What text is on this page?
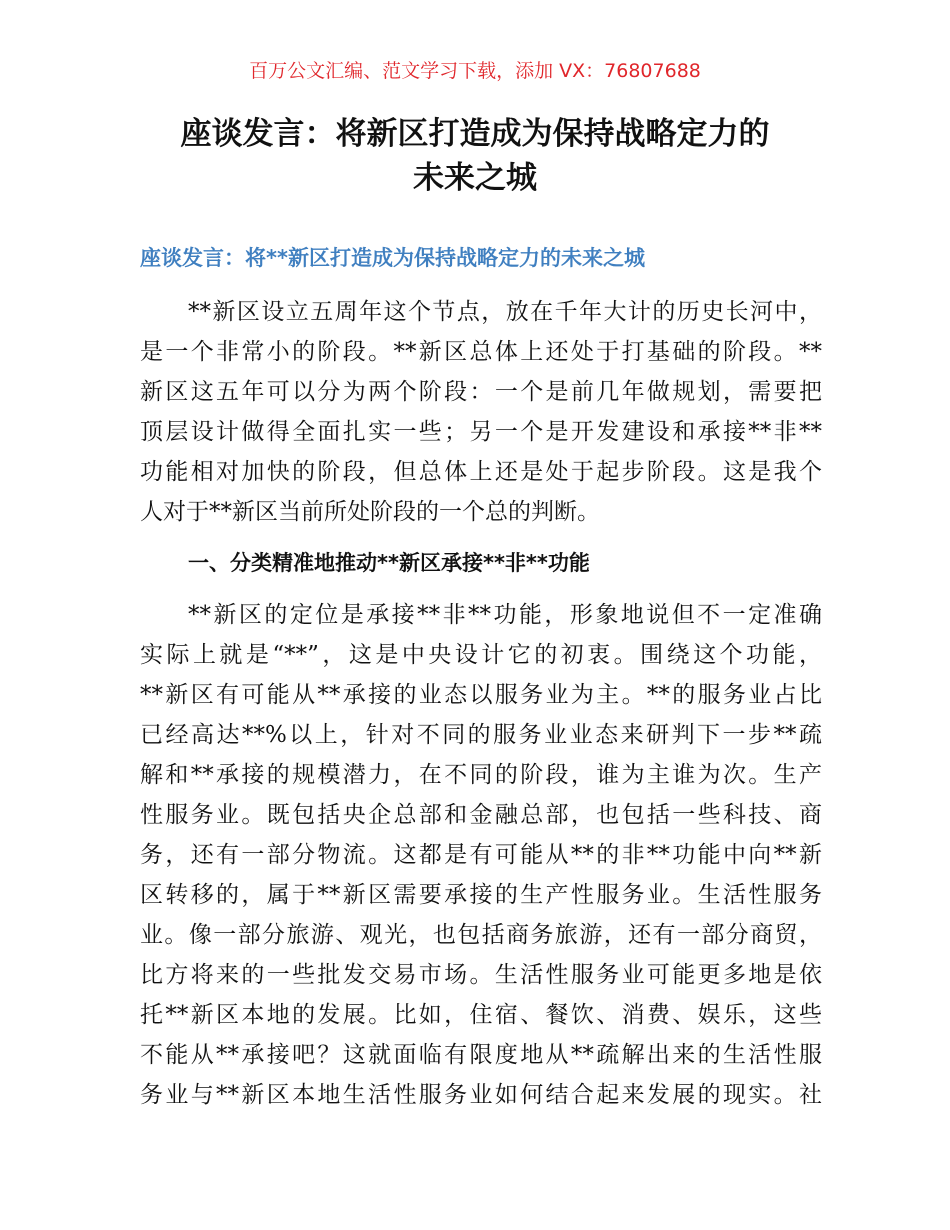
百万公文汇编、范文学习下载，添加 VX：76807688
座谈发言：将新区打造成为保持战略定力的
未来之城
座谈发言：将**新区打造成为保持战略定力的未来之城
**新区设立五周年这个节点，放在千年大计的历史长河中，
是一个非常小的阶段。**新区总体上还处于打基础的阶段。**
新区这五年可以分为两个阶段：一个是前几年做规划，需要把
顶层设计做得全面扎实一些；另一个是开发建设和承接**非**
功能相对加快的阶段，但总体上还是处于起步阶段。这是我个
人对于**新区当前所处阶段的一个总的判断。
一、分类精准地推动**新区承接**非**功能
**新区的定位是承接**非**功能，形象地说但不一定准确
实际上就是“**”，这是中央设计它的初衷。围绕这个功能，
**新区有可能从**承接的业态以服务业为主。**的服务业占比
已经高达**%以上，针对不同的服务业业态来研判下一步**疏
解和**承接的规模潜力，在不同的阶段，谁为主谁为次。生产
性服务业。既包括央企总部和金融总部，也包括一些科技、商
务，还有一部分物流。这都是有可能从**的非**功能中向**新
区转移的，属于**新区需要承接的生产性服务业。生活性服务
业。像一部分旅游、观光，也包括商务旅游，还有一部分商贸，
比方将来的一些批发交易市场。生活性服务业可能更多地是依
托**新区本地的发展。比如，住宿、餐饮、消费、娱乐，这些
不能从**承接吧？这就面临有限度地从**疏解出来的生活性服
务业与**新区本地生活性服务业如何结合起来发展的现实。社
